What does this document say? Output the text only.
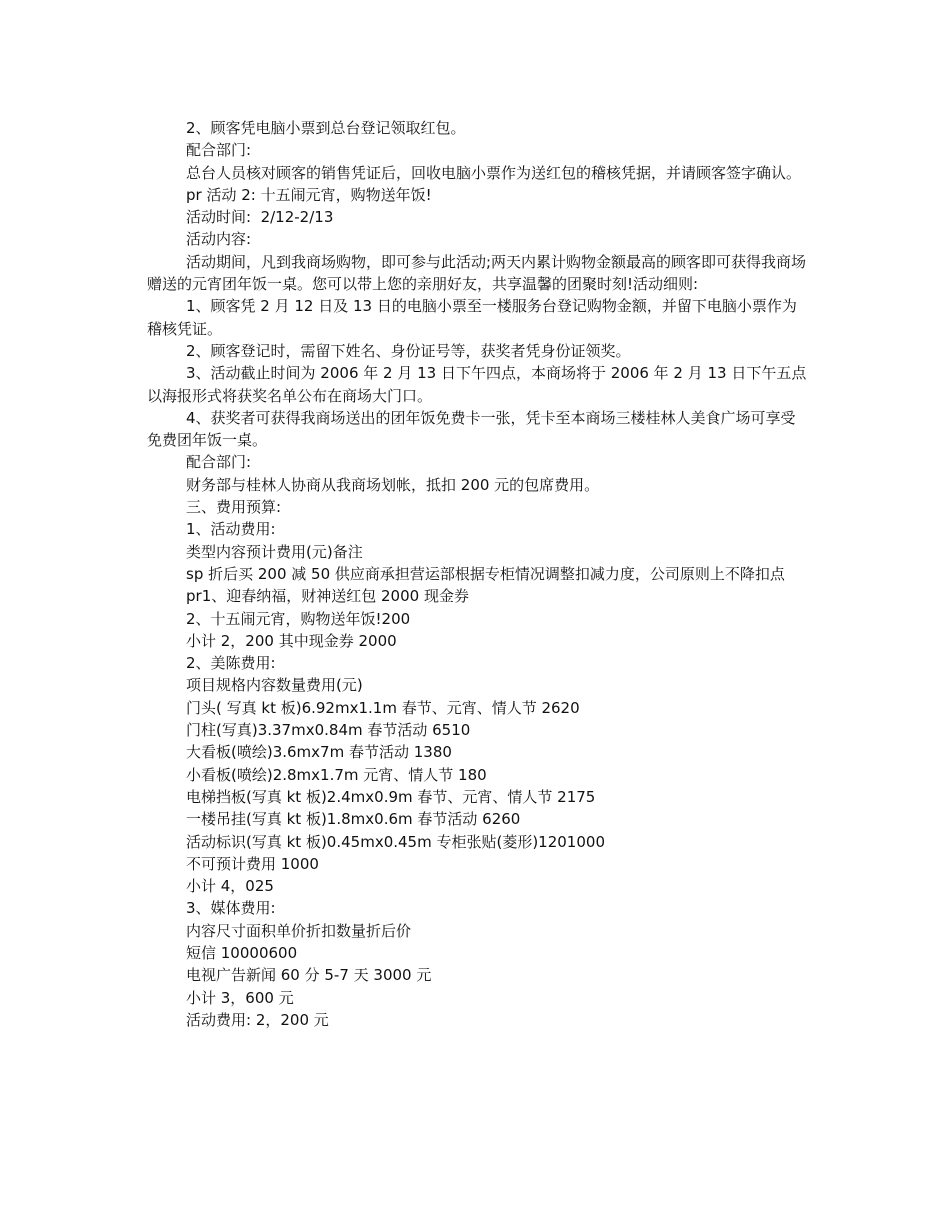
2、顾客凭电脑小票到总台登记领取红包。

配合部门:

总台人员核对顾客的销售凭证后，回收电脑小票作为送红包的稽核凭据，并请顾客签字确认。

pr 活动 2: 十五闹元宵，购物送年饭!

活动时间:  2/12-2/13

活动内容:

活动期间，凡到我商场购物，即可参与此活动;两天内累计购物金额最高的顾客即可获得我商场赠送的元宵团年饭一桌。您可以带上您的亲朋好友，共享温馨的团聚时刻!活动细则:

1、顾客凭 2 月 12 日及 13 日的电脑小票至一楼服务台登记购物金额，并留下电脑小票作为稽核凭证。

2、顾客登记时，需留下姓名、身份证号等，获奖者凭身份证领奖。

3、活动截止时间为 2006 年 2 月 13 日下午四点，本商场将于 2006 年 2 月 13 日下午五点以海报形式将获奖名单公布在商场大门口。

4、获奖者可获得我商场送出的团年饭免费卡一张，凭卡至本商场三楼桂林人美食广场可享受免费团年饭一桌。

配合部门:

财务部与桂林人协商从我商场划帐，抵扣 200 元的包席费用。

三、费用预算:

1、活动费用:

类型内容预计费用(元)备注

sp 折后买 200 减 50 供应商承担营运部根据专柜情况调整扣减力度，公司原则上不降扣点

pr1、迎春纳福，财神送红包 2000 现金券

2、十五闹元宵，购物送年饭!200

小计 2，200 其中现金券 2000

2、美陈费用:

项目规格内容数量费用(元)

门头( 写真 kt 板)6.92mx1.1m 春节、元宵、情人节 2620

门柱(写真)3.37mx0.84m 春节活动 6510

大看板(喷绘)3.6mx7m 春节活动 1380

小看板(喷绘)2.8mx1.7m 元宵、情人节 180

电梯挡板(写真 kt 板)2.4mx0.9m 春节、元宵、情人节 2175

一楼吊挂(写真 kt 板)1.8mx0.6m 春节活动 6260

活动标识(写真 kt 板)0.45mx0.45m 专柜张贴(菱形)1201000

不可预计费用 1000

小计 4，025

3、媒体费用:

内容尺寸面积单价折扣数量折后价

短信 10000600

电视广告新闻 60 分 5-7 天 3000 元

小计 3，600 元

活动费用: 2，200 元
